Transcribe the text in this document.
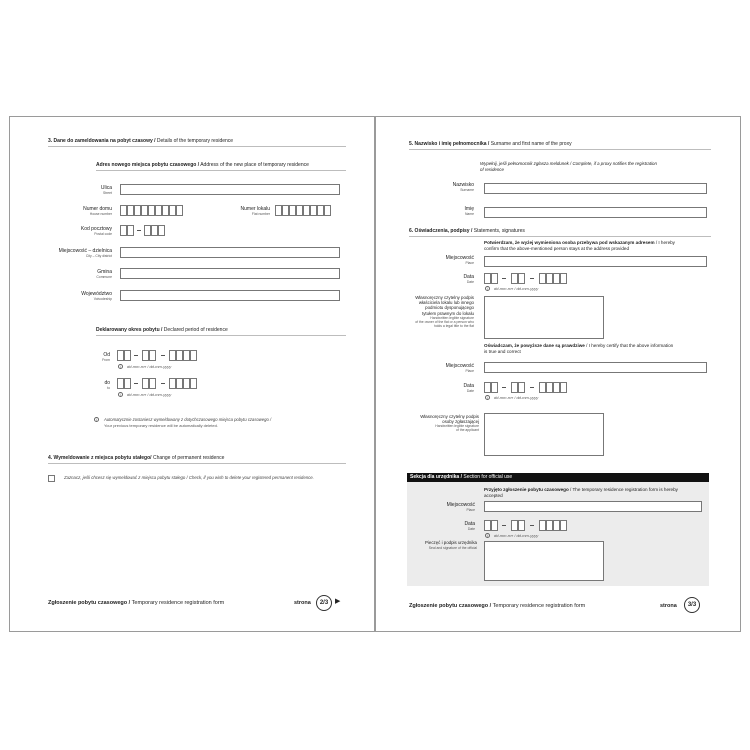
3. Dane do zameldowania na pobyt czasowy / Details of the temporary residence
Adres nowego miejsca pobytu czasowego / Address of the new place of temporary residence
Ulica
Street
Numer domu
House number
Numer lokalu
Flat number
Kod pocztowy
Postal code
Miejscowość – dzielnica
City – City district
Gmina
Commune
Województwo
Voivodeship
Deklarowany okres pobytu / Declared period of residence
Od
From
i	dd-mm-rrrr / dd-mm-yyyy
do
to
i	dd-mm-rrrr / dd-mm-yyyy
i	Automatycznie zostaniesz wymeldowany z dotychczasowego miejsca pobytu czasowego /
Your previous temporary residence will be automatically deleted.
4. Wymeldowanie z miejsca pobytu stałego/ Change of permanent residence
Zaznacz, jeśli chcesz się wymeldować z miejsca pobytu stałego / Check, if you wish to delete your registered permanent residence.
Zgłoszenie pobytu czasowego / Temporary residence registration form	strona	2/3 ▶
5. Nazwisko i imię pełnomocnika / Surname and first name of the proxy
Wypełnij, jeśli pełnomocnik zgłasza meldunek / Complete, if a proxy notifies the registration
of residence
Nazwisko
Surname
Imię
Name
6. Oświadczenia, podpisy / Statements, signatures
Potwierdzam, że wyżej wymieniona osoba przebywa pod wskazanym adresem / I hereby
confirm that the above-mentioned person stays at the address provided
Miejscowość
Place
Data
Date
i	dd-mm-rrrr / dd-mm-yyyy
Własnoręczny czytelny podpis
właściciela lokalu lub innego
podmiotu dysponującego
tytułem prawnym do lokalu
Handwritten legible signature
of the owner of the flat or a person who
holds a legal title to the flat
Oświadczam, że powyższe dane są prawdziwe / I hereby certify that the above information
is true and correct
Miejscowość
Place
Data
Date
i	dd-mm-rrrr / dd-mm-yyyy
Własnoręczny czytelny podpis
osoby zgłaszającej
Handwritten legible signature
of the applicant
Sekcja dla urzędnika / Section for official use
Przyjęto zgłoszenie pobytu czasowego / The temporary residence registration form is hereby
accepted
Miejscowość
Place
Data
Date
i	dd-mm-rrrr / dd-mm-yyyy
Pieczęć i podpis urzędnika
Seal and signature of the official
Zgłoszenie pobytu czasowego / Temporary residence registration form	strona	3/3
